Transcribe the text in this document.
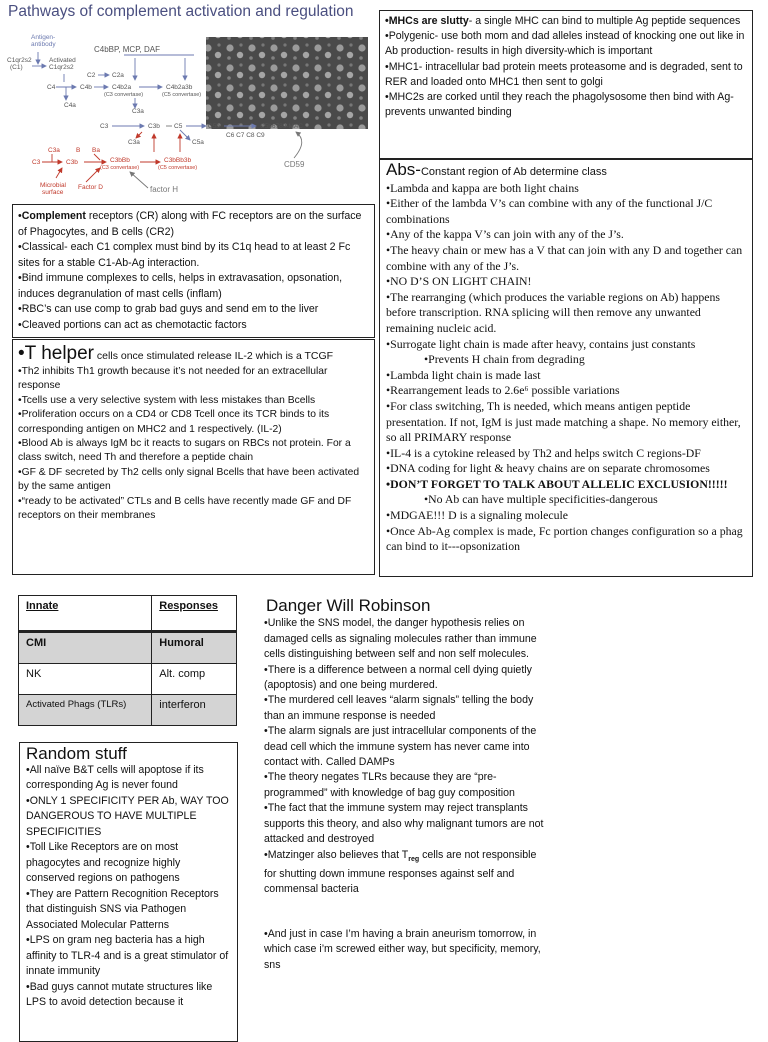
Pathways of complement activation and regulation
Antigen-antibody
C1qr2s2 (C1)
Activated C1qr2s2
C4bBP, MCP, DAF
C4	C4b
C4a
C2	C2a
C4b2a (C3 convertase)
C4b2a3b (C5 convertase)
C3a
C3	C3b C5	C5b	C5b6789-MAC
C6 C7 C8 C9
C5a
C3a
C3a B Ba
C3	C3b	C3bBb (C3 convertase)
C3bBb3b (C5 convertase)
Microbial surface
Factor D	factor H
CD59
•MHCs are slutty- a single MHC can bind to multiple Ag peptide sequences
•Polygenic- use both mom and dad alleles instead of knocking one out like in Ab production- results in high diversity-which is important
•MHC1- intracellular bad protein meets proteasome and is degraded, sent to RER and loaded onto MHC1 then sent to golgi
•MHC2s are corked until they reach the phagolysosome then bind with Ag-prevents unwanted binding
•Complement receptors (CR) along with FC receptors are on the surface of Phagocytes, and B cells (CR2)
•Classical- each C1 complex must bind by its C1q head to at least 2 Fc sites for a stable C1-Ab-Ag interaction.
•Bind immune complexes to cells, helps in extravasation, opsonation, induces degranulation of mast cells (inflam)
•RBC’s can use comp to grab bad guys and send em to the liver
•Cleaved portions can act as chemotactic factors
•T helper cells once stimulated release IL-2 which is a TCGF
•Th2 inhibits Th1 growth because it’s not needed for an extracellular response
•Tcells use a very selective system with less mistakes than Bcells
•Proliferation occurs on a CD4 or CD8 Tcell once its TCR binds to its corresponding antigen on MHC2 and 1 respectively. (IL-2)
•Blood Ab is always IgM bc it reacts to sugars on RBCs not protein. For a class switch, need Th and therefore a peptide chain
•GF & DF secreted by Th2 cells only signal Bcells that have been activated by the same antigen
•“ready to be activated” CTLs and B cells have recently made GF and DF receptors on their membranes
Abs-Constant region of Ab determine class
•Lambda and kappa are both light chains
•Either of the lambda V’s can combine with any of the functional J/C combinations
•Any of the kappa V’s can join with any of the J’s.
•The heavy chain or mew has a V that can join with any D and together can combine with any of the J’s.
•NO D’S ON LIGHT CHAIN!
•The rearranging (which produces the variable regions on Ab) happens before transcription. RNA splicing will then remove any unwanted remaining nucleic acid.
•Surrogate light chain is made after heavy, contains just constants
•Prevents H chain from degrading
•Lambda light chain is made last
•Rearrangement leads to 2.6e⁶ possible variations
•For class switching, Th is needed, which means antigen peptide presentation. If not, IgM is just made matching a shape. No memory either, so all PRIMARY response
•IL-4 is a cytokine released by Th2 and helps switch C regions-DF
•DNA coding for light & heavy chains are on separate chromosomes
•DON’T FORGET TO TALK ABOUT ALLELIC EXCLUSION!!!!!
•No Ab can have multiple specificities-dangerous
•MDGAE!!! D is a signaling molecule
•Once Ab-Ag complex is made, Fc portion changes configuration so a phag can bind to it---opsonization
Innate	Responses
CMI	Humoral
NK	Alt. comp
Activated Phags (TLRs)	interferon
Random stuff
•All naïve B&T cells will apoptose if its corresponding Ag is never found
•ONLY 1 SPECIFICITY PER Ab, WAY TOO DANGEROUS TO HAVE MULTIPLE SPECIFICITIES
•Toll Like Receptors are on most phagocytes and recognize highly conserved regions on pathogens
•They are Pattern Recognition Receptors that distinguish SNS via Pathogen Associated Molecular Patterns
•LPS on gram neg bacteria has a high affinity to TLR-4 and is a great stimulator of innate immunity
•Bad guys cannot mutate structures like LPS to avoid detection because it
Danger Will Robinson
•Unlike the SNS model, the danger hypothesis relies on damaged cells as signaling molecules rather than immune cells distinguishing between self and non self molecules.
•There is a difference between a normal cell dying quietly (apoptosis) and one being murdered.
•The murdered cell leaves “alarm signals” telling the body than an immune response is needed
•The alarm signals are just intracellular components of the dead cell which the immune system has never came into contact with. Called DAMPs
•The theory negates TLRs because they are “pre-programmed” with knowledge of bag guy composition
•The fact that the immune system may reject transplants supports this theory, and also why malignant tumors are not attacked and destroyed
•Matzinger also believes that $T_{reg}$ cells are not responsible for shutting down immune responses against self and commensal bacteria
•And just in case I’m having a brain aneurism tomorrow, in which case i’m screwed either way, but specificity, memory, sns
